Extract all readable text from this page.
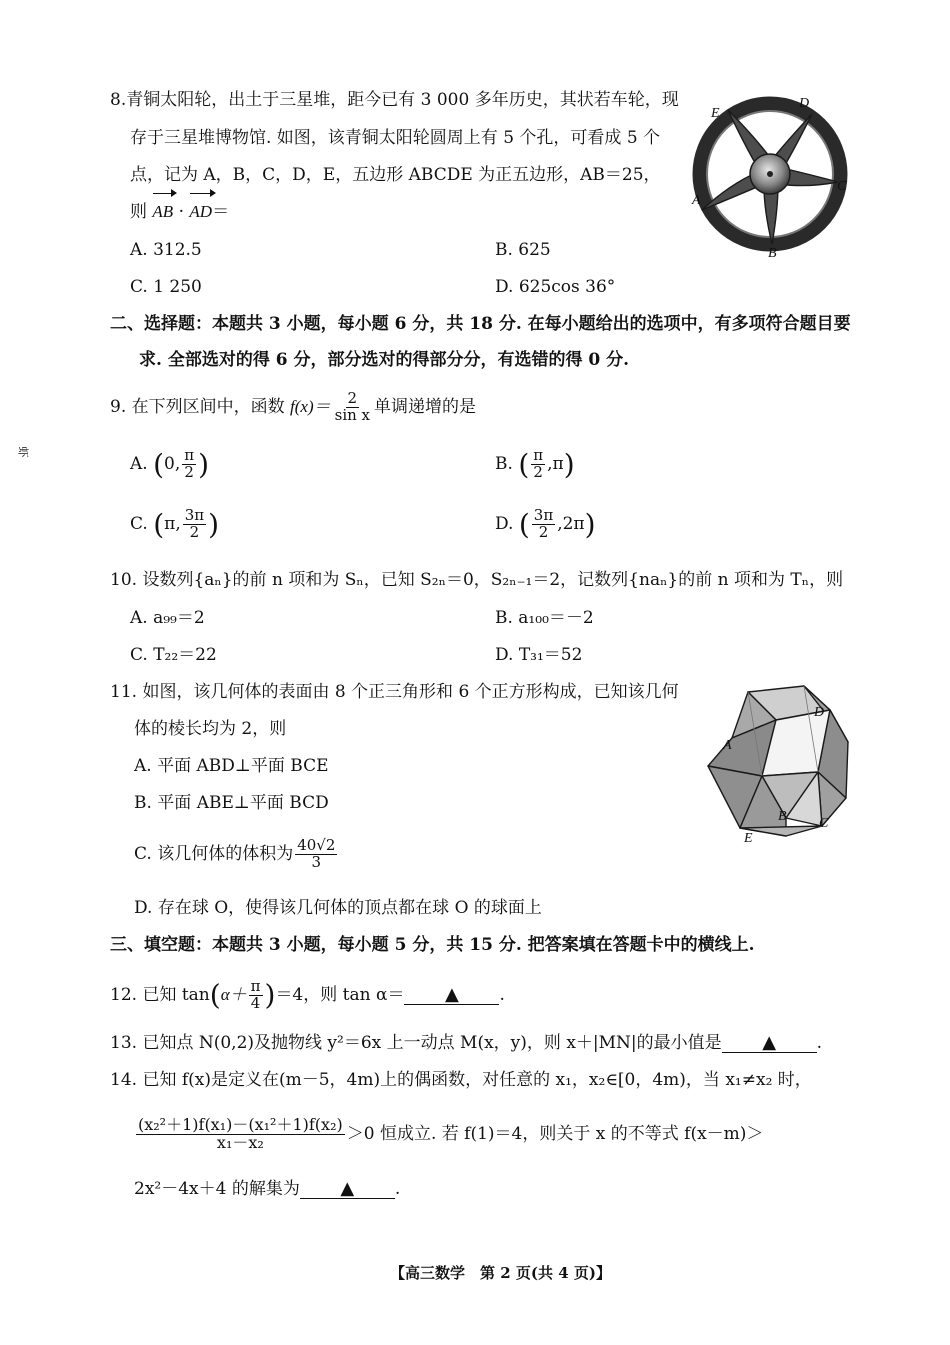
8.青铜太阳轮，出土于三星堆，距今已有 3 000 多年历史，其状若车轮，现
存于三星堆博物馆. 如图，该青铜太阳轮圆周上有 5 个孔，可看成 5 个
点，记为 A，B，C，D，E，五边形 ABCDE 为正五边形，AB＝25，
则 AB · AD＝
A. 312.5	B. 625
C. 1 250	D. 625cos 36°
E
D
C
B
A
二、选择题：本题共 3 小题，每小题 6 分，共 18 分. 在每小题给出的选项中，有多项符合题目要
求. 全部选对的得 6 分，部分选对的得部分分，有选错的得 0 分.
9. 在下列区间中，函数 $f(x)= \frac{2}{\text{sin x}}$ 单调递增的是
A. (0, $\frac{\pi}{2}$ )	B. ( $\frac{\pi}{2} ,\pi$)
C. (π, $\frac{3\pi}{2}$ )	D. ( $\frac{3\pi}{2} ,2\pi$)
10. 设数列{aₙ}的前 n 项和为 Sₙ，已知 S₂ₙ＝0，S₂ₙ₋₁＝2，记数列{naₙ}的前 n 项和为 Tₙ，则
A. a₉₉＝2	B. a₁₀₀＝－2
C. T₂₂＝22	D. T₃₁＝52
11. 如图，该几何体的表面由 8 个正三角形和 6 个正方形构成，已知该几何
体的棱长均为 2，则
A. 平面 ABD⊥平面 BCE
B. 平面 ABE⊥平面 BCD
C. 该几何体的体积为 $\frac{40√2}{3}$
D. 存在球 O，使得该几何体的顶点都在球 O 的球面上
D
A
B C
E
三、填空题：本题共 3 小题，每小题 5 分，共 15 分. 把答案填在答题卡中的横线上.
12. 已知 $\tan(\alpha+ \frac{\pi}{4} )=4$，则 tan α＝ ▲ .
13. 已知点 N(0,2)及抛物线 y²＝6x 上一动点 M(x，y)，则 x＋|MN|的最小值是 ▲ .
14. 已知 f(x)是定义在(m－5，4m)上的偶函数，对任意的 x₁，x₂∈[0，4m)，当 x₁≠x₂ 时，
$\frac{\text{(x₂²＋1)f(x₁)－(x₁²＋1)f(x₂)}}{\text{x₁－x₂}} >0$ 恒成立. 若 f(1)＝4，则关于 x 的不等式 f(x－m)＞
2x²－4x＋4 的解集为 ▲ .
虾
【高三数学　第 2 页(共 4 页)】
